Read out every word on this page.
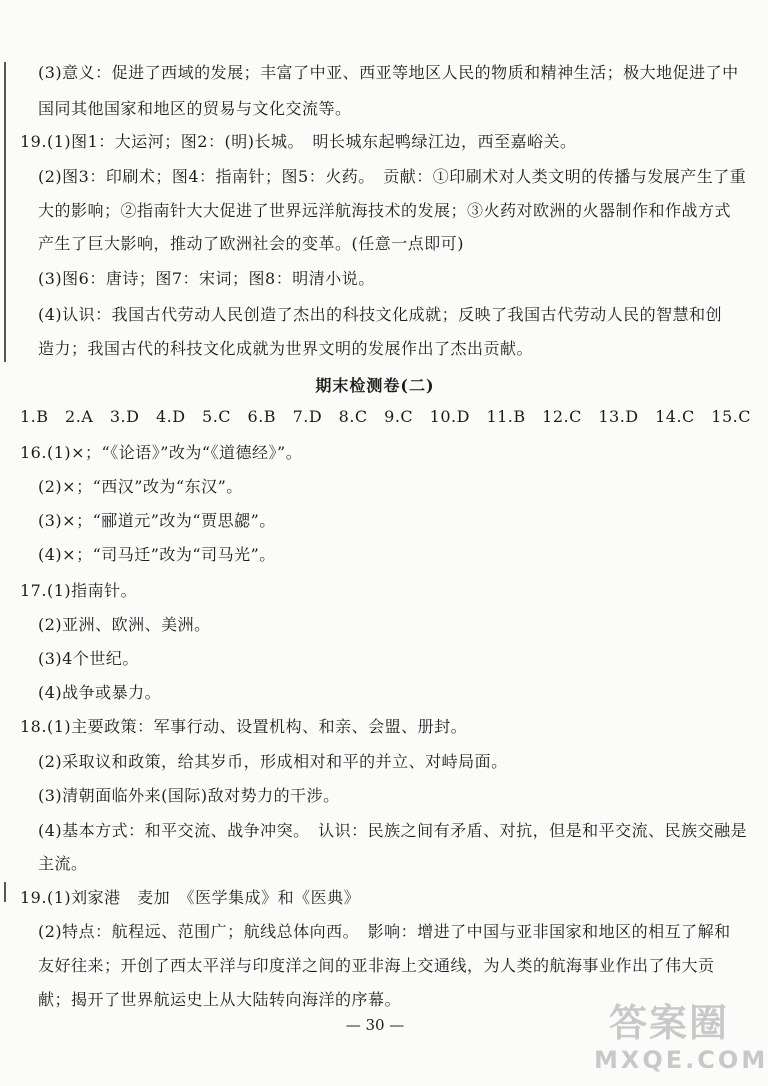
(3)意义：促进了西域的发展；丰富了中亚、西亚等地区人民的物质和精神生活；极大地促进了中
国同其他国家和地区的贸易与文化交流等。
19.(1)图1：大运河；图2：(明)长城。　明长城东起鸭绿江边，西至嘉峪关。
(2)图3：印刷术；图4：指南针；图5：火药。　贡献：①印刷术对人类文明的传播与发展产生了重
大的影响；②指南针大大促进了世界远洋航海技术的发展；③火药对欧洲的火器制作和作战方式
产生了巨大影响，推动了欧洲社会的变革。(任意一点即可)
(3)图6：唐诗；图7：宋词；图8：明清小说。
(4)认识：我国古代劳动人民创造了杰出的科技文化成就；反映了我国古代劳动人民的智慧和创
造力；我国古代的科技文化成就为世界文明的发展作出了杰出贡献。
期末检测卷(二)
1.B　2.A　3.D　4.D　5.C　6.B　7.D　8.C　9.C　10.D　11.B　12.C　13.D　14.C　15.C
16.(1)×；“《论语》”改为“《道德经》”。
(2)×；“西汉”改为“东汉”。
(3)×；“郦道元”改为“贾思勰”。
(4)×；“司马迁”改为“司马光”。
17.(1)指南针。
(2)亚洲、欧洲、美洲。
(3)4个世纪。
(4)战争或暴力。
18.(1)主要政策：军事行动、设置机构、和亲、会盟、册封。
(2)采取议和政策，给其岁币，形成相对和平的并立、对峙局面。
(3)清朝面临外来(国际)敌对势力的干涉。
(4)基本方式：和平交流、战争冲突。　认识：民族之间有矛盾、对抗，但是和平交流、民族交融是
主流。
19.(1)刘家港　麦加　《医学集成》和《医典》
(2)特点：航程远、范围广；航线总体向西。　影响：增进了中国与亚非国家和地区的相互了解和
友好往来；开创了西太平洋与印度洋之间的亚非海上交通线，为人类的航海事业作出了伟大贡
献；揭开了世界航运史上从大陆转向海洋的序幕。
— 30 —	答案圈
MXQE.COM
